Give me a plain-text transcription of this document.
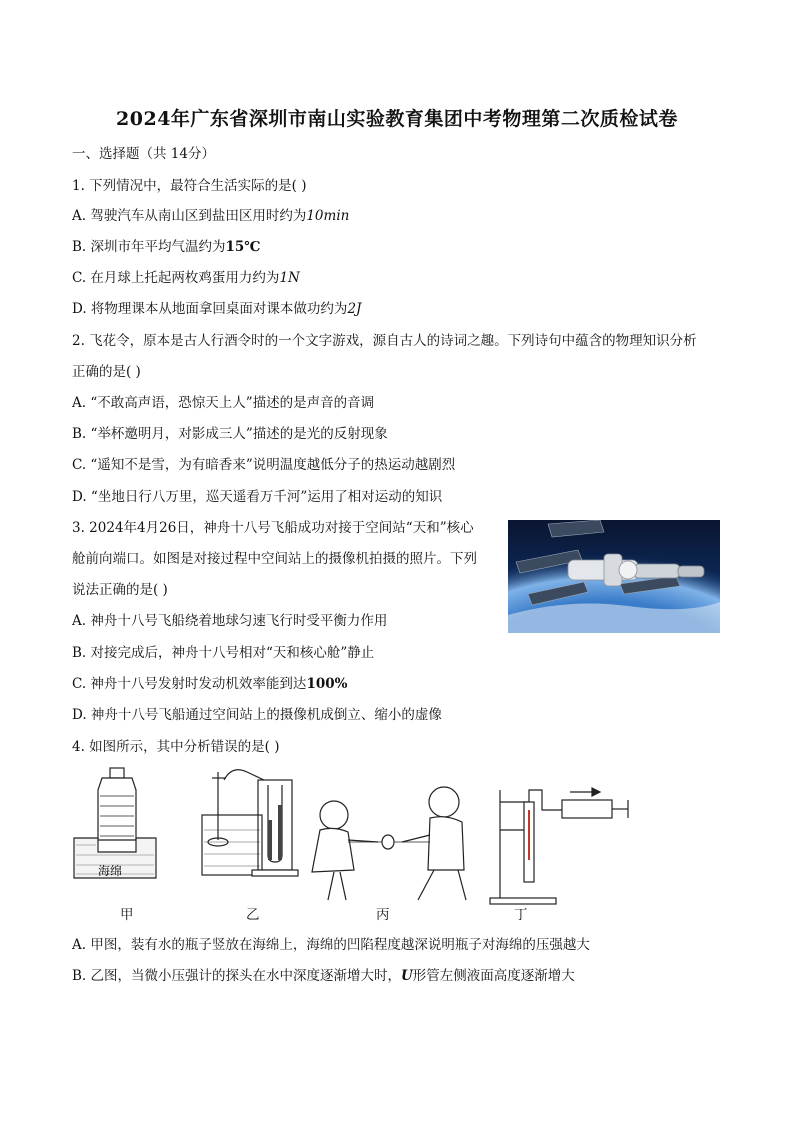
2024年广东省深圳市南山实验教育集团中考物理第二次质检试卷
一、选择题（共 14分）
1. 下列情况中，最符合生活实际的是( )
A. 驾驶汽车从南山区到盐田区用时约为10min
B. 深圳市年平均气温约为15℃
C. 在月球上托起两枚鸡蛋用力约为1N
D. 将物理课本从地面拿回桌面对课本做功约为2J
2. 飞花令，原本是古人行酒令时的一个文字游戏，源自古人的诗词之趣。下列诗句中蕴含的物理知识分析
正确的是( )
A. “不敢高声语，恐惊天上人”描述的是声音的音调
B. “举杯邀明月，对影成三人”描述的是光的反射现象
C. “遥知不是雪，为有暗香来”说明温度越低分子的热运动越剧烈
D. “坐地日行八万里，巡天遥看万千河”运用了相对运动的知识
3. 2024年4月26日，神舟十八号飞船成功对接于空间站“天和”核心
舱前向端口。如图是对接过程中空间站上的摄像机拍摄的照片。下列
说法正确的是( )
A. 神舟十八号飞船绕着地球匀速飞行时受平衡力作用
B. 对接完成后，神舟十八号相对“天和核心舱”静止
C. 神舟十八号发射时发动机效率能到达100%
D. 神舟十八号飞船通过空间站上的摄像机成倒立、缩小的虚像
4. 如图所示，其中分析错误的是( )
海绵
甲	乙	丙	丁
A. 甲图，装有水的瓶子竖放在海绵上，海绵的凹陷程度越深说明瓶子对海绵的压强越大
B. 乙图，当微小压强计的探头在水中深度逐渐增大时，U形管左侧液面高度逐渐增大
